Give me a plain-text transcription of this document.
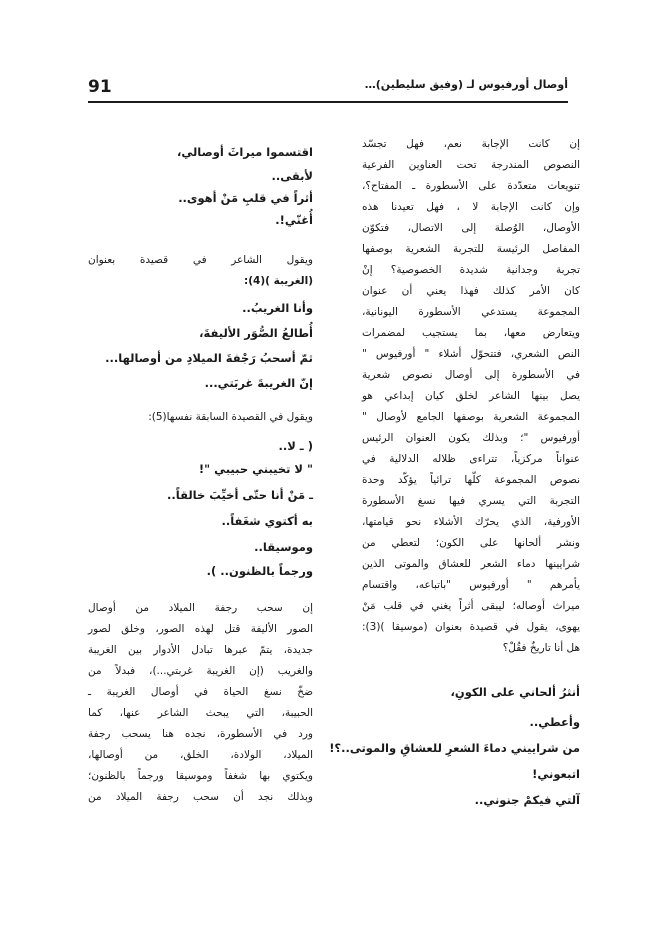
91	أوصال أورفيوس لـ (وفيق سليطين)…
إن كانت الإجابة نعم، فهل تجسّد
النصوص المندرجة تحت العناوين الفرعية
تنويعات متعدّدة على الأسطورة ـ المفتاح؟،
وإن كانت الإجابة لا ، فهل تعيدنا هذه
الأوصال، الوُصلة إلى الاتصال، فتكوّن
المفاصل الرئيسة للتجربة الشعرية بوصفها
تجربة وجدانية شديدة الخصوصية؟ إنْ
كان الأمر كذلك فهذا يعني أن عنوان
المجموعة يستدعي الأسطورة اليونانية،
ويتعارض معها، بما يستجيب لمضمرات
النص الشعري، فتتحوّل أشلاء " أورفيوس "
في الأسطورة إلى أوصال نصوص شعرية
يصل بينها الشاعر لخلق كيان إبداعي هو
المجموعة الشعرية بوصفها الجامع لأوصال "
أورفيوس "؛ وبذلك يكون العنوان الرئيس
عنواناً مركزياً، تتراءى ظلاله الدلالية في
نصوص المجموعة كلّها ترائياً يؤكّد وحدة
التجربة التي يسري فيها نسغ الأسطورة
الأورفية، الذي يحرّك الأشلاء نحو قيامتها،
ونشر ألحانها على الكون؛ لتعطي من
شرايينها دماء الشعر للعشاق والموتى الذين
يأمرهم " أورفيوس "باتباعه، واقتسام
ميراث أوصاله؛ ليبقى أثراً يغني في قلب مَنْ
يهوى، يقول في قصيدة بعنوان (موسيقا )(3):
هل أنا تاريخٌ فقُلْ؟
أنثرُ ألحاني على الكونِ،
وأعطي..
من شراييني دماءَ الشعرِ للعشاقِ والموتى..؟!
اتبعوني!
آلتي فيكمْ جنوني..
اقتسموا ميراثَ أوصالي،
لأبقى..
أثراً في قلبِ مَنْ أهوى..
أُغنّي!.
ويقول الشاعر في قصيدة بعنوان
(الغريبة )(4):
وأنا الغريبُ..
أُطالعُ الصُّوَر الأليفةَ،
ثمّ أسحبُ رَجْفةَ الميلادِ من أوصالها...
إنّ الغريبةَ غربَتي...
ويقول في القصيدة السابقة نفسها(5):
( ـ لا..
" لا تخيبني حبيبي "!
ـ مَنْ أنا حتّى أخيِّبَ خالقاً..
به أكتوي شغَفاً..
وموسيقا..
ورجماً بالظنون.. ).
إن سحب رجفة الميلاد من أوصال
الصور الأليفة قتل لهذه الصور، وخلق لصور
جديدة، يتمّ عبرها تبادل الأدوار بين الغريبة
والغريب (إن الغريبة غربتي...)، فبدلاً من
ضخّ نسغ الحياة في أوصال الغريبة ـ
الحبيبة، التي يبحث الشاعر عنها، كما
ورد في الأسطورة، نجده هنا يسحب رجفة
الميلاد، الولادة، الخلق، من أوصالها،
ويكتوي بها شغفاً وموسيقا ورجماً بالظنون؛
وبذلك نجد أن سحب رجفة الميلاد من
